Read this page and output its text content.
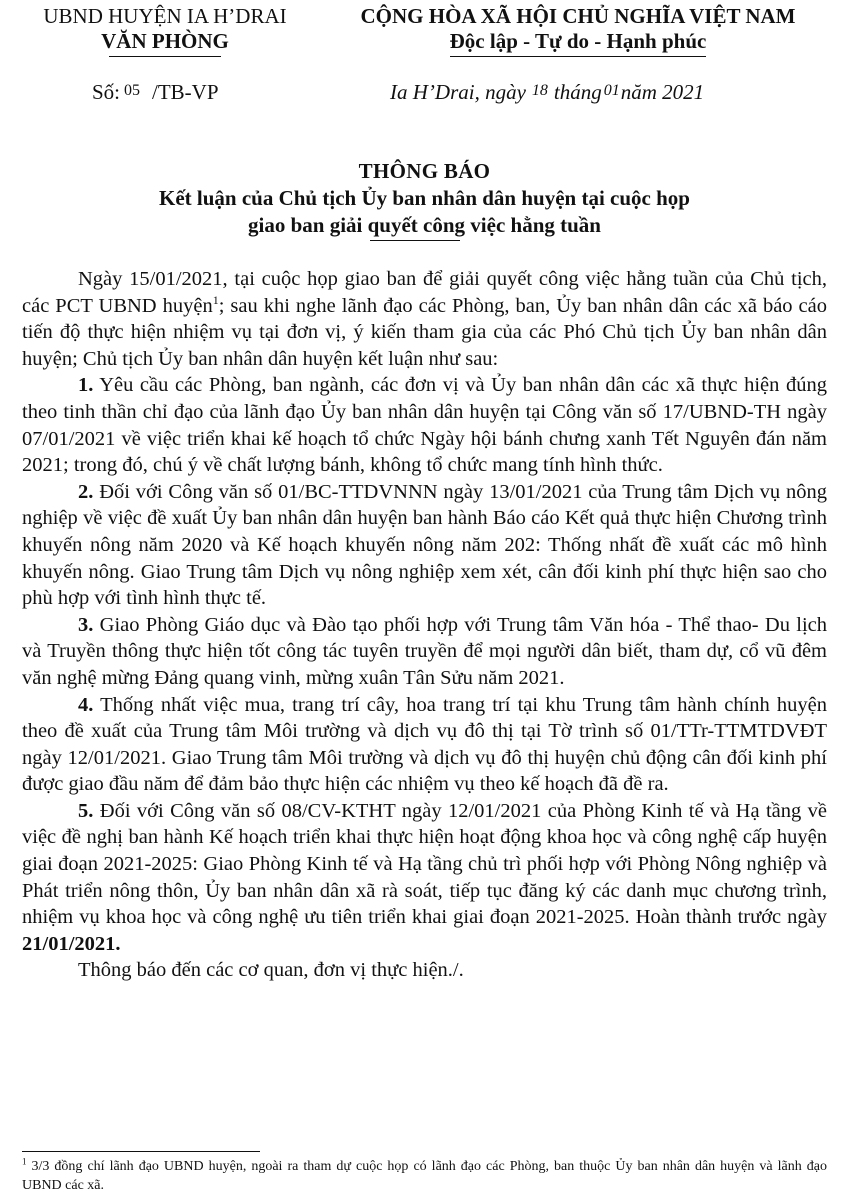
UBND HUYỆN IA H’DRAI
VĂN PHÒNG
CỘNG HÒA XÃ HỘI CHỦ NGHĨA VIỆT NAM
Độc lập - Tự do - Hạnh phúc
Số: 05 /TB-VP	Ia H’Drai, ngày 18 tháng 01năm 2021
THÔNG BÁO
Kết luận của Chủ tịch Ủy ban nhân dân huyện tại cuộc họp
giao ban giải quyết công việc hằng tuần

Ngày 15/01/2021, tại cuộc họp giao ban để giải quyết công việc hằng tuần của Chủ tịch, các PCT UBND huyện$^1$; sau khi nghe lãnh đạo các Phòng, ban, Ủy ban nhân dân các xã báo cáo tiến độ thực hiện nhiệm vụ tại đơn vị, ý kiến tham gia của các Phó Chủ tịch Ủy ban nhân dân huyện; Chủ tịch Ủy ban nhân dân huyện kết luận như sau:

1. Yêu cầu các Phòng, ban ngành, các đơn vị và Ủy ban nhân dân các xã thực hiện đúng theo tinh thần chỉ đạo của lãnh đạo Ủy ban nhân dân huyện tại Công văn số 17/UBND-TH ngày 07/01/2021 về việc triển khai kế hoạch tổ chức Ngày hội bánh chưng xanh Tết Nguyên đán năm 2021; trong đó, chú ý về chất lượng bánh, không tổ chức mang tính hình thức.

2. Đối với Công văn số 01/BC-TTDVNNN ngày 13/01/2021 của Trung tâm Dịch vụ nông nghiệp về việc đề xuất Ủy ban nhân dân huyện ban hành Báo cáo Kết quả thực hiện Chương trình khuyến nông năm 2020 và Kế hoạch khuyến nông năm 202: Thống nhất đề xuất các mô hình khuyến nông. Giao Trung tâm Dịch vụ nông nghiệp xem xét, cân đối kinh phí thực hiện sao cho phù hợp với tình hình thực tế.

3. Giao Phòng Giáo dục và Đào tạo phối hợp với Trung tâm Văn hóa - Thể thao- Du lịch và Truyền thông thực hiện tốt công tác tuyên truyền để mọi người dân biết, tham dự, cổ vũ đêm văn nghệ mừng Đảng quang vinh, mừng xuân Tân Sửu năm 2021.

4. Thống nhất việc mua, trang trí cây, hoa trang trí tại khu Trung tâm hành chính huyện theo đề xuất của Trung tâm Môi trường và dịch vụ đô thị tại Tờ trình số 01/TTr-TTMTDVĐT ngày 12/01/2021. Giao Trung tâm Môi trường và dịch vụ đô thị huyện chủ động cân đối kinh phí được giao đầu năm để đảm bảo thực hiện các nhiệm vụ theo kế hoạch đã đề ra.

5. Đối với Công văn số 08/CV-KTHT ngày 12/01/2021 của Phòng Kinh tế và Hạ tầng về việc đề nghị ban hành Kế hoạch triển khai thực hiện hoạt động khoa học và công nghệ cấp huyện giai đoạn 2021-2025: Giao Phòng Kinh tế và Hạ tầng chủ trì phối hợp với Phòng Nông nghiệp và Phát triển nông thôn, Ủy ban nhân dân xã rà soát, tiếp tục đăng ký các danh mục chương trình, nhiệm vụ khoa học và công nghệ ưu tiên triển khai giai đoạn 2021-2025. Hoàn thành trước ngày 21/01/2021.

Thông báo đến các cơ quan, đơn vị thực hiện./.

$^1$ 3/3 đồng chí lãnh đạo UBND huyện, ngoài ra tham dự cuộc họp có lãnh đạo các Phòng, ban thuộc Ủy ban nhân dân huyện và lãnh đạo UBND các xã.
